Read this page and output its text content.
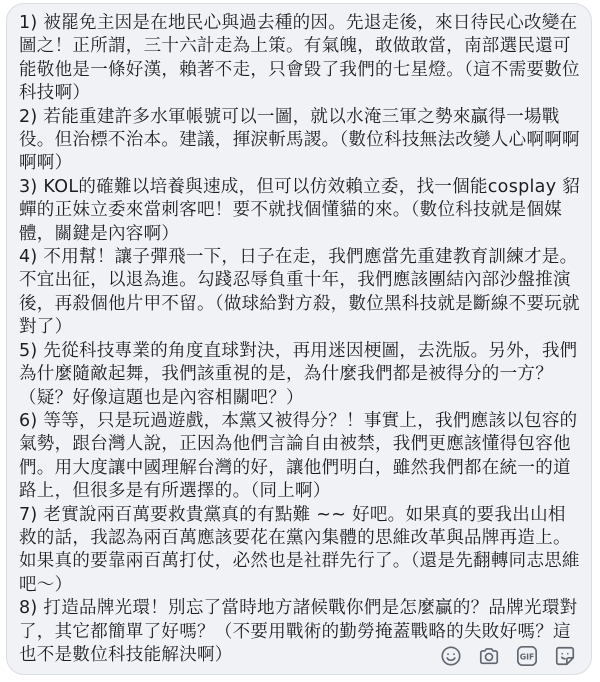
1) 被罷免主因是在地民心與過去種的因。先退走後，來日待民心改變在圖之！正所謂，三十六計走為上策。有氣魄，敢做敢當，南部選民還可能敬他是一條好漢，賴著不走，只會毀了我們的七星燈。（這不需要數位科技啊）

2) 若能重建許多水軍帳號可以一圖，就以水淹三軍之勢來贏得一場戰役。但治標不治本。建議，揮淚斬馬謖。（數位科技無法改變人心啊啊啊啊啊）

3) KOL的確難以培養與速成，但可以仿效賴立委，找一個能cosplay 貂蟬的正妹立委來當刺客吧！要不就找個懂貓的來。（數位科技就是個媒體，關鍵是內容啊）

4) 不用幫！讓子彈飛一下，日子在走，我們應當先重建教育訓練才是。不宜出征，以退為進。勾踐忍辱負重十年，我們應該團結內部沙盤推演後，再殺個他片甲不留。（做球給對方殺，數位黑科技就是斷線不要玩就對了）

5) 先從科技專業的角度直球對決，再用迷因梗圖，去洗版。另外，我們為什麼隨敵起舞，我們該重視的是，為什麼我們都是被得分的一方？（疑？好像這題也是內容相關吧？）

6) 等等，只是玩過遊戲，本黨又被得分？！事實上，我們應該以包容的氣勢，跟台灣人說，正因為他們言論自由被禁，我們更應該懂得包容他們。用大度讓中國理解台灣的好，讓他們明白，雖然我們都在統一的道路上，但很多是有所選擇的。（同上啊）

7) 老實說兩百萬要救貴黨真的有點難 ~~ 好吧。如果真的要我出山相救的話，我認為兩百萬應該要花在黨內集體的思維改革與品牌再造上。如果真的要靠兩百萬打仗，必然也是社群先行了。（還是先翻轉同志思維吧～）

8) 打造品牌光環！別忘了當時地方諸候戰你們是怎麼贏的？品牌光環對了，其它都簡單了好嗎？（不要用戰術的勤勞掩蓋戰略的失敗好嗎？這也不是數位科技能解決啊）	GIF
